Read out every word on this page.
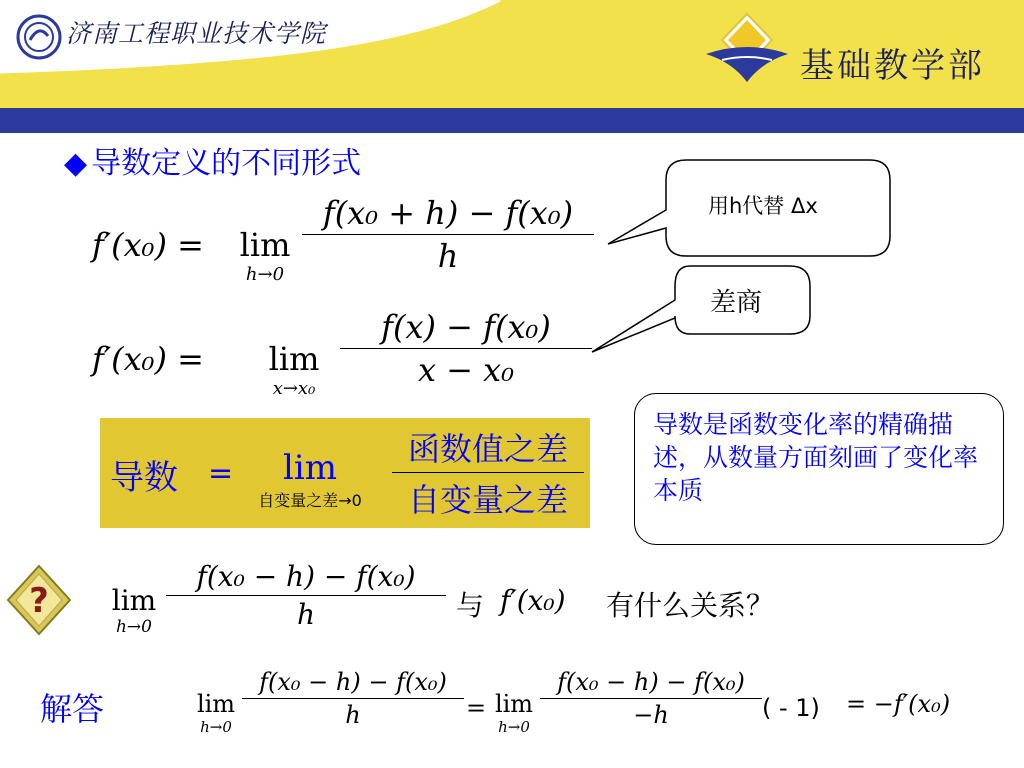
济南工程职业技术学院
基础教学部
◆ 导数定义的不同形式
用h代替 Δx
差商
f′(x₀) = lim
h→0
f(x₀ + h) − f(x₀)
h
f′(x₀) =	lim
x→x₀
f(x) − f(x₀)
x − x₀
导数 =	lim
自变量之差→0
函数值之差
自变量之差
导数是函数变化率的精确描述，从数量方面刻画了变化率本质
? lim
h→0
f(x₀ − h) − f(x₀)
h	与 f′(x₀) 有什么关系？
解答	lim
h→0
f(x₀ − h) − f(x₀)
h	= lim
h→0
f(x₀ − h) − f(x₀)
−h	( - 1) = −f′(x₀)
